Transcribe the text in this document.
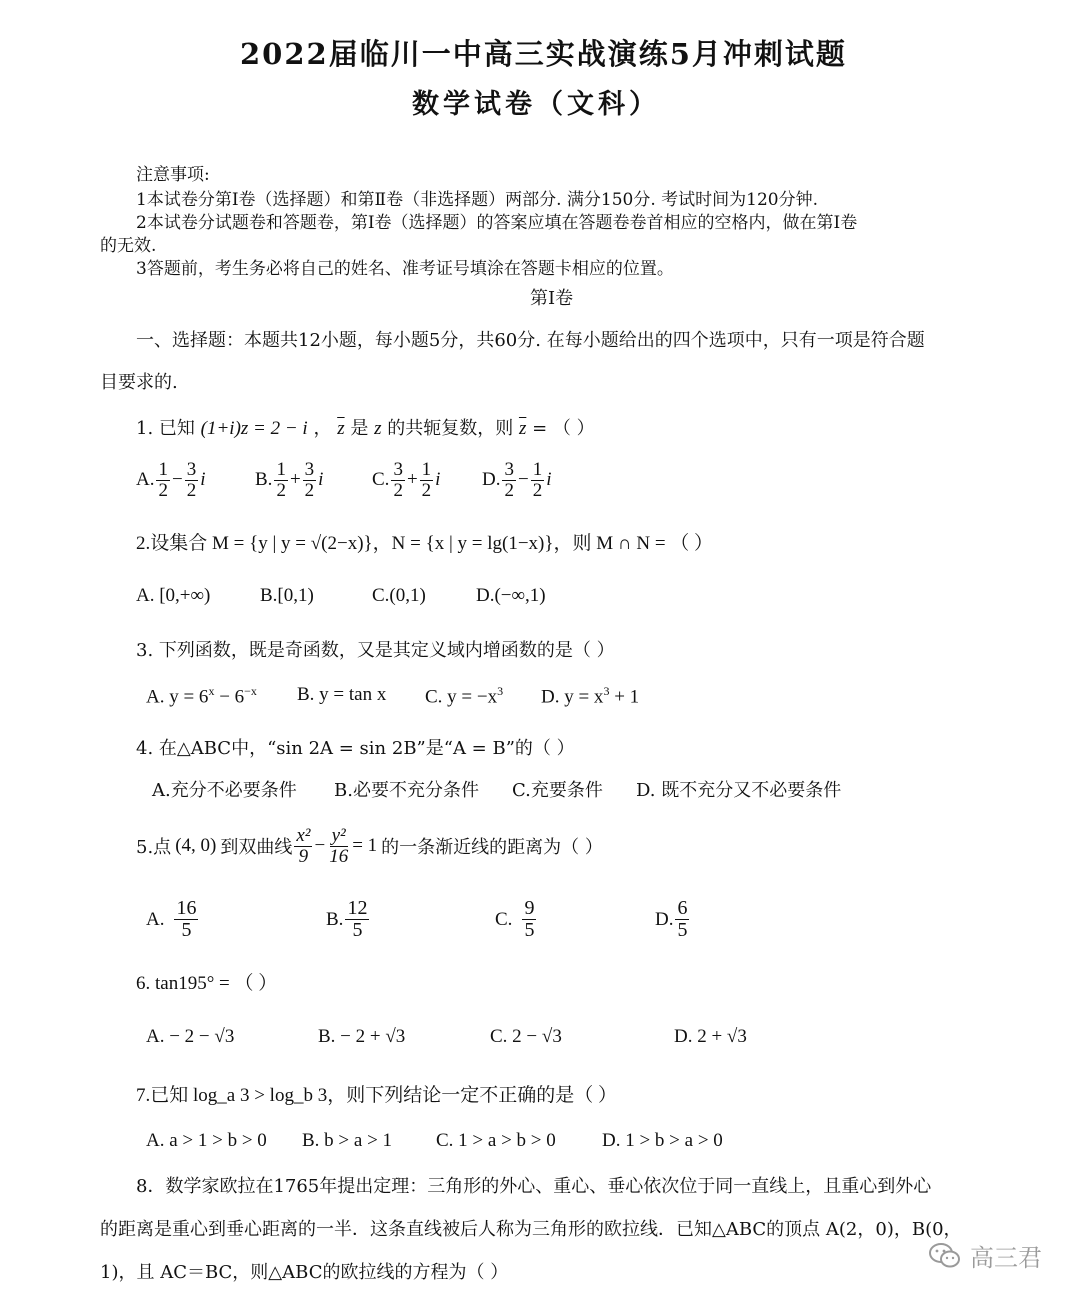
2022届临川一中高三实战演练5月冲刺试题
数学试卷（文科）
注意事项:
1本试卷分第Ⅰ卷（选择题）和第Ⅱ卷（非选择题）两部分. 满分150分. 考试时间为120分钟.
2本试卷分试题卷和答题卷，第Ⅰ卷（选择题）的答案应填在答题卷卷首相应的空格内，做在第Ⅰ卷
的无效.
3答题前，考生务必将自己的姓名、准考证号填涂在答题卡相应的位置。
第Ⅰ卷
一、选择题：本题共12小题，每小题5分，共60分. 在每小题给出的四个选项中，只有一项是符合题
目要求的.
1. 已知 (1+i)z = 2 − i ， $\overline{z}$ 是 z 的共轭复数，则 $\overline{z}$ = （ ）
A. $\frac{1}{2} - \frac{3}{2}$ i	B. $\frac{1}{2} + \frac{3}{2}$ i	C. $\frac{3}{2} + \frac{1}{2}$ i D. $\frac{3}{2} - \frac{1}{2}$ i
2.设集合 M = {y | y = √(2−x)}，N = {x | y = lg(1−x)}，则 M ∩ N = （ ）
A. [0,+∞)	B.[0,1)	C.(0,1)	D.(−∞,1)
3. 下列函数，既是奇函数，又是其定义域内增函数的是（ ）
A. $y = 6^x - 6^{-x}$ B. y = tan x C. $y = -x^3$ D. $y = x^3 + 1$
4. 在△ABC中，“sin 2A = sin 2B”是“A = B”的（ ）
A.充分不必要条件 B.必要不充分条件 C.充要条件 D. 既不充分又不必要条件
5.点 (4, 0) 到双曲线 $\frac{\text{x²}}{9} - \frac{\text{y²}}{16} = 1$ 的一条渐近线的距离为（ ）
A. $\frac{16}{5}$	B. $\frac{12}{5}$	C. $\frac{9}{5}$	D. $\frac{6}{5}$
6. tan195° = （ ）
A. − 2 − √3	B. − 2 + √3	C. 2 − √3	D. 2 + √3
7.已知 log_a 3 > log_b 3，则下列结论一定不正确的是（ ）
A. a > 1 > b > 0 B. b > a > 1 C. 1 > a > b > 0 D. 1 > b > a > 0
8．数学家欧拉在1765年提出定理：三角形的外心、重心、垂心依次位于同一直线上，且重心到外心
的距离是重心到垂心距离的一半．这条直线被后人称为三角形的欧拉线．已知△ABC的顶点 A(2，0)，B(0，
1)，且 AC＝BC，则△ABC的欧拉线的方程为（ ）
高三君
